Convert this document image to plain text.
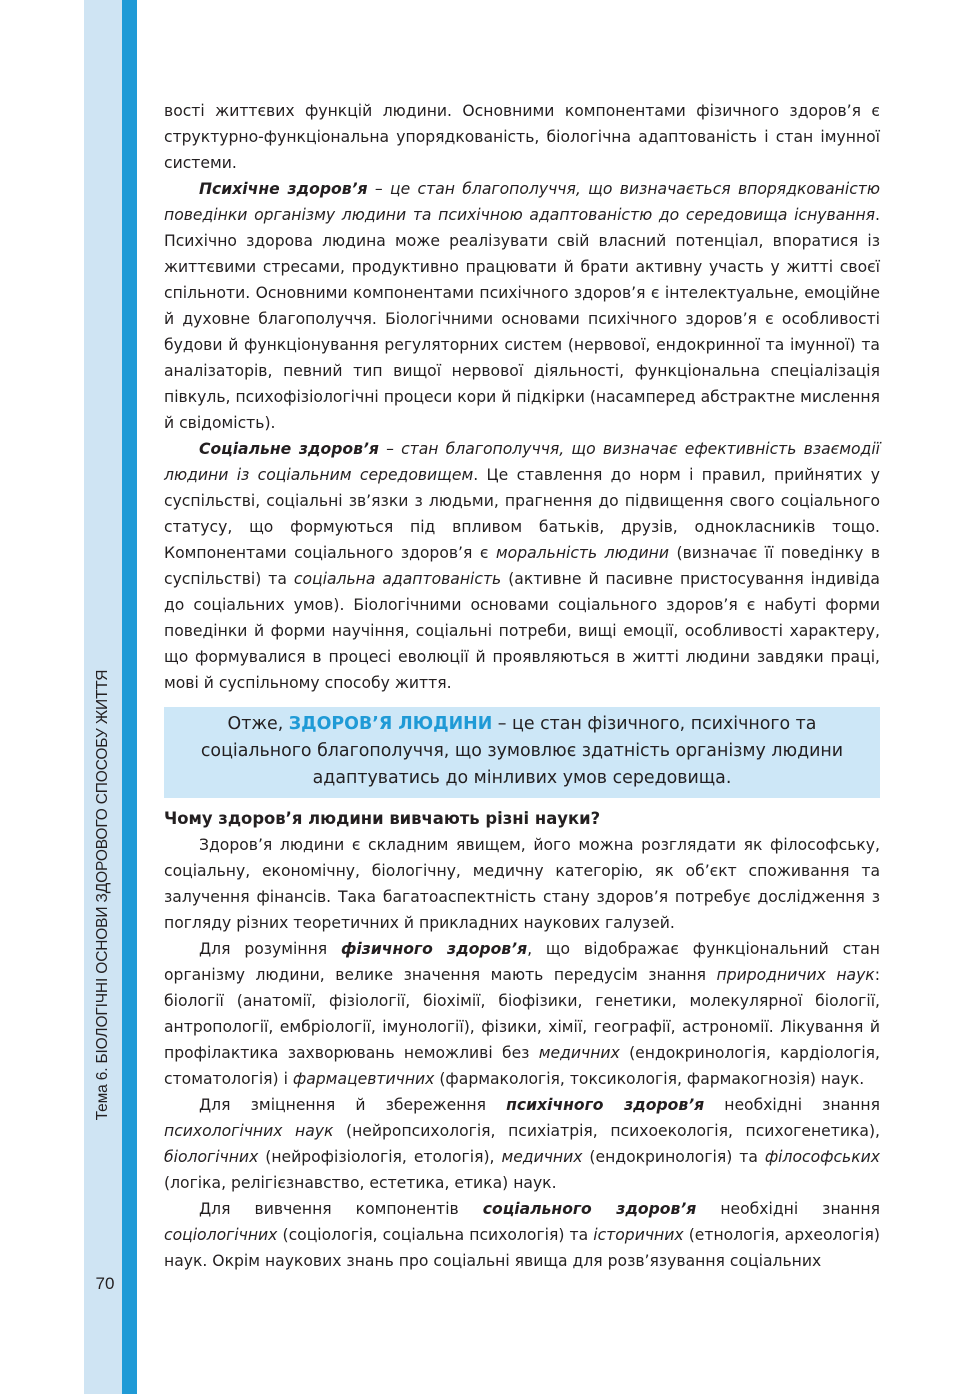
Тема 6. БІОЛОГІЧНІ ОСНОВИ ЗДОРОВОГО СПОСОБУ ЖИТТЯ
70

вості життєвих функцій людини. Основними компонентами фізичного здоров’я є структурно-функціональна упорядкованість, біологічна адаптованість і стан імунної системи.

Психічне здоров’я – це стан благополуччя, що визначається впорядкованістю поведінки організму людини та психічною адаптованістю до середовища існування. Психічно здорова людина може реалізувати свій власний потенціал, впоратися із життєвими стресами, продуктивно працювати й брати активну участь у житті своєї спільноти. Основними компонентами психічного здоров’я є інтелектуальне, емоційне й духовне благополуччя. Біологічними основами психічного здоров’я є особливості будови й функціонування регуляторних систем (нервової, ендокринної та імунної) та аналізаторів, певний тип вищої нервової діяльності, функціональна спеціалізація півкуль, психофізіологічні процеси кори й підкірки (насамперед абстрактне мислення й свідомість).

Соціальне здоров’я – стан благополуччя, що визначає ефективність взаємодії людини із соціальним середовищем. Це ставлення до норм і правил, прийнятих у суспільстві, соціальні зв’язки з людьми, прагнення до підвищення свого соціального статусу, що формуються під впливом батьків, друзів, однокласників тощо. Компонентами соціального здоров’я є моральність людини (визначає її поведінку в суспільстві) та соціальна адаптованість (активне й пасивне пристосування індивіда до соціальних умов). Біологічними основами соціального здоров’я є набуті форми поведінки й форми научіння, соціальні потреби, вищі емоції, особливості характеру, що формувалися в процесі еволюції й проявляються в житті людини завдяки праці, мові й суспільному способу життя.

Отже, ЗДОРОВ’Я ЛЮДИНИ – це стан фізичного, психічного та соціального благополуччя, що зумовлює здатність організму людини адаптуватись до мінливих умов середовища.
Чому здоров’я людини вивчають різні науки?

Здоров’я людини є складним явищем, його можна розглядати як філософську, соціальну, економічну, біологічну, медичну категорію, як об’єкт споживання та залучення фінансів. Така багатоаспектність стану здоров’я потребує дослідження з погляду різних теоретичних й прикладних наукових галузей.

Для розуміння фізичного здоров’я, що відображає функціональний стан організму людини, велике значення мають передусім знання природничих наук: біології (анатомії, фізіології, біохімії, біофізики, генетики, молекулярної біології, антропології, ембріології, імунології), фізики, хімії, географії, астрономії. Лікування й профілактика захворювань неможливі без медичних (ендокринологія, кардіологія, стоматологія) і фармацевтичних (фармакологія, токсикологія, фармакогнозія) наук.

Для зміцнення й збереження психічного здоров’я необхідні знання психологічних наук (нейропсихологія, психіатрія, психоекологія, психогенетика), біологічних (нейрофізіологія, етологія), медичних (ендокринологія) та філософських (логіка, релігієзнавство, естетика, етика) наук.

Для вивчення компонентів соціального здоров’я необхідні знання соціологічних (соціологія, соціальна психологія) та історичних (етнологія, археологія) наук. Окрім наукових знань про соціальні явища для розв’язування соціальних
